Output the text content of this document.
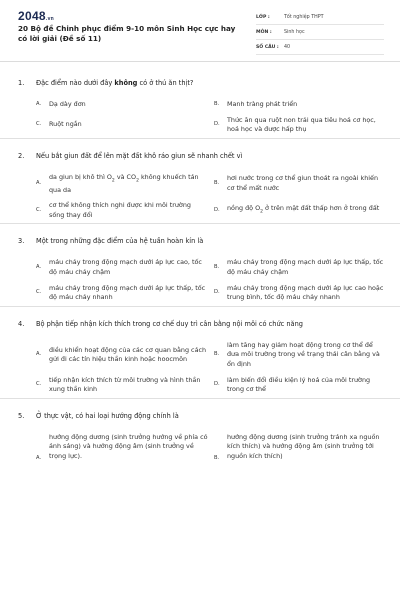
2048.vn
20 Bộ đề Chinh phục điểm 9-10 môn Sinh Học cực hay có lời giải (Đề số 11)
LỚP :	Tốt nghiệp THPT
MÔN :	Sinh học
SỐ CÂU :	40
1.	Đặc điểm nào dưới đây không có ở thú ăn thịt?
A.	Dạ dày đơn	B.	Manh tràng phát triển
C.	Ruột ngắn	D.
Thức ăn qua ruột non trải qua tiêu hoá cơ học, hoá học và được hấp thụ
2.	Nếu bắt giun đất để lên mặt đất khô ráo giun sẽ nhanh chết vì
A.
da giun bị khô thì $O_2$ và $CO_2$ không khuếch tán qua da
B.
hơi nước trong cơ thể giun thoát ra ngoài khiến cơ thể mất nước
C.
cơ thể không thích nghi được khi môi trường sống thay đổi
D.	nồng độ $O_2$ ở trên mặt đất thấp hơn ở trong đất
3.	Một trong những đặc điểm của hệ tuần hoàn kín là
A.
máu chảy trong động mạch dưới áp lực cao, tốc độ máu chảy chậm
B.
máu chảy trong động mạch dưới áp lực thấp, tốc độ máu chảy chậm
C.
máu chảy trong động mạch dưới áp lực thấp, tốc độ máu chảy nhanh
D.
máu chảy trong động mạch dưới áp lực cao hoặc trung bình, tốc độ máu chảy nhanh
4.	Bộ phận tiếp nhận kích thích trong cơ chế duy trì cân bằng nội môi có chức năng
A.
điều khiển hoạt động của các cơ quan bằng cách gửi đi các tín hiệu thần kinh hoặc hoocmôn
B.
làm tăng hay giảm hoạt động trong cơ thể để đưa môi trường trong về trạng thái cân bằng và ổn định
C.
tiếp nhận kích thích từ môi trường và hình thần xung thần kinh
D.
làm biến đổi điều kiện lý hoá của môi trường trong cơ thể
5.	Ở thực vật, có hai loại hướng động chính là
A.
hướng động dương (sinh trưởng hướng về phía có ánh sáng) và hướng động âm (sinh trưởng về trọng lực).	B.
hướng động dương (sinh trưởng tránh xa nguồn kích thích) và hướng động âm (sinh trưởng tới nguồn kích thích)
